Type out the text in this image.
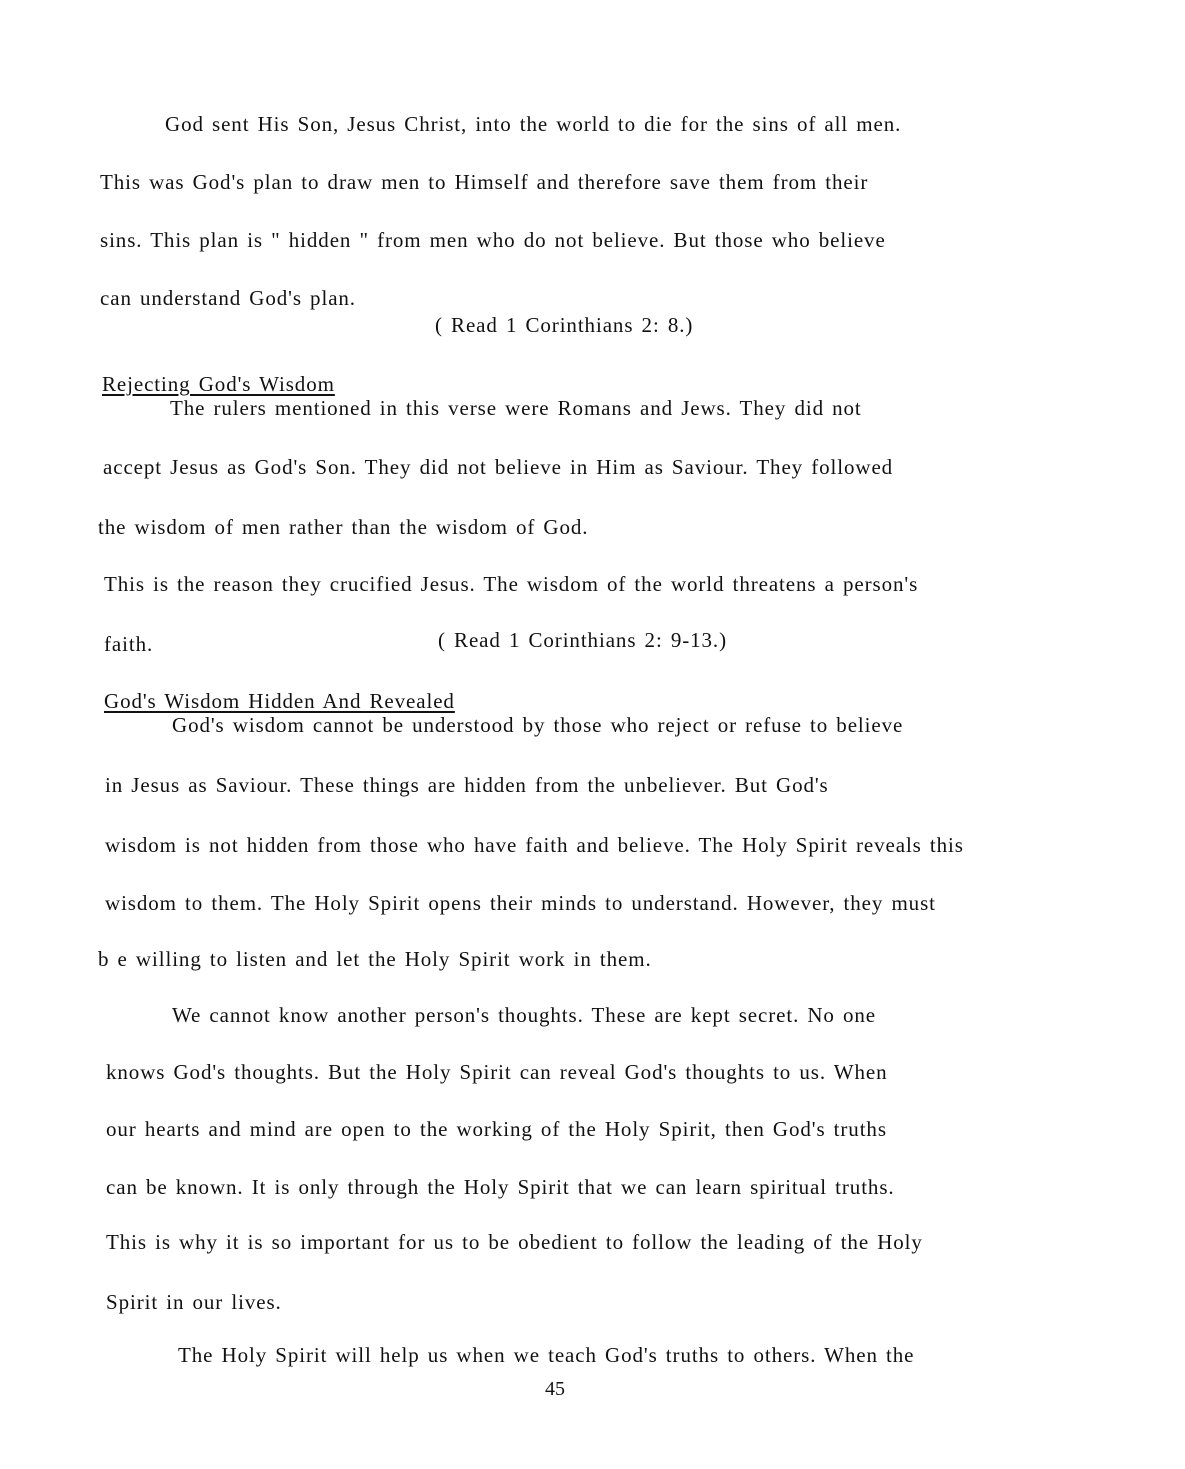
God sent His Son, Jesus Christ, into the world to die for the sins of all men.
This was God's plan to draw men to Himself and therefore save them from their
sins. This plan is " hidden " from men who do not believe. But those who believe
can understand God's plan.
( Read 1 Corinthians 2: 8.)
Rejecting God's Wisdom
The rulers mentioned in this verse were Romans and Jews. They did not
accept Jesus as God's Son. They did not believe in Him as Saviour. They followed
the wisdom of men rather than the wisdom of God.
This is the reason they crucified Jesus. The wisdom of the world threatens a person's
faith.	( Read 1 Corinthians 2: 9-13.)
God's Wisdom Hidden And Revealed
God's wisdom cannot be understood by those who reject or refuse to believe
in Jesus as Saviour. These things are hidden from the unbeliever. But God's
wisdom is not hidden from those who have faith and believe. The Holy Spirit reveals this
wisdom to them. The Holy Spirit opens their minds to understand. However, they must
b e willing to listen and let the Holy Spirit work in them.
We cannot know another person's thoughts. These are kept secret. No one
knows God's thoughts. But the Holy Spirit can reveal God's thoughts to us. When
our hearts and mind are open to the working of the Holy Spirit, then God's truths
can be known. It is only through the Holy Spirit that we can learn spiritual truths.
This is why it is so important for us to be obedient to follow the leading of the Holy
Spirit in our lives.
The Holy Spirit will help us when we teach God's truths to others. When the
45
